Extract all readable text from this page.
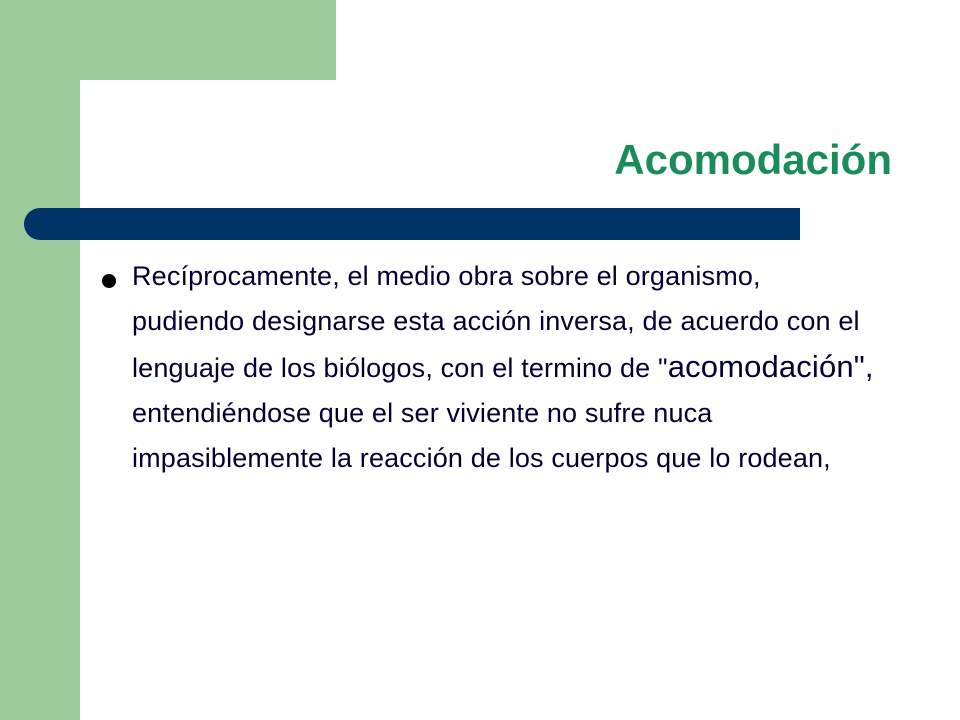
Acomodación
Recíprocamente, el medio obra sobre el organismo, pudiendo designarse esta acción inversa, de acuerdo con el lenguaje de los biólogos, con el termino de "acomodación", entendiéndose que el ser viviente no sufre nuca impasiblemente la reacción de los cuerpos que lo rodean,
